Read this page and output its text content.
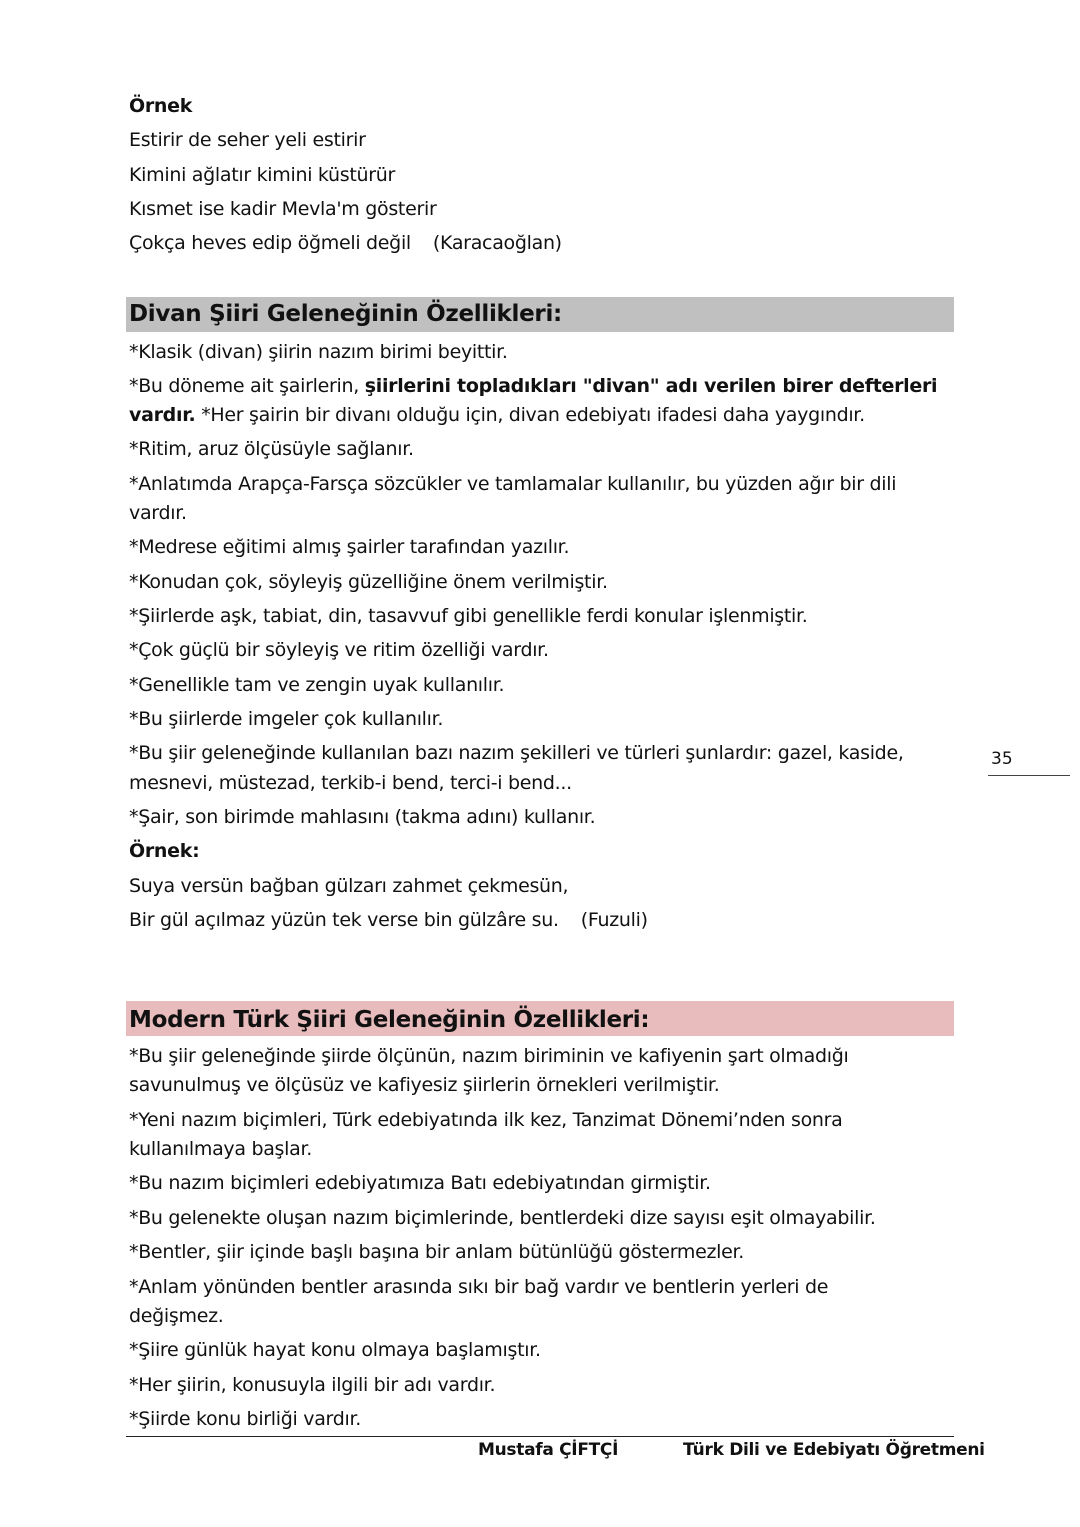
Örnek
Estirir de seher yeli estirir
Kimini ağlatır kimini küstürür
Kısmet ise kadir Mevla'm gösterir
Çokça heves edip öğmeli değil (Karacaoğlan)
Divan Şiiri Geleneğinin Özellikleri:
*Klasik (divan) şiirin nazım birimi beyittir.
*Bu döneme ait şairlerin, şiirlerini topladıkları "divan" adı verilen birer defterleri
vardır. *Her şairin bir divanı olduğu için, divan edebiyatı ifadesi daha yaygındır.
*Ritim, aruz ölçüsüyle sağlanır.
*Anlatımda Arapça-Farsça sözcükler ve tamlamalar kullanılır, bu yüzden ağır bir dili
vardır.
*Medrese eğitimi almış şairler tarafından yazılır.
*Konudan çok, söyleyiş güzelliğine önem verilmiştir.
*Şiirlerde aşk, tabiat, din, tasavvuf gibi genellikle ferdi konular işlenmiştir.
*Çok güçlü bir söyleyiş ve ritim özelliği vardır.
*Genellikle tam ve zengin uyak kullanılır.
*Bu şiirlerde imgeler çok kullanılır.
*Bu şiir geleneğinde kullanılan bazı nazım şekilleri ve türleri şunlardır: gazel, kaside,
mesnevi, müstezad, terkib-i bend, terci-i bend...
*Şair, son birimde mahlasını (takma adını) kullanır.
Örnek:
Suya versün bağban gülzarı zahmet çekmesün,
Bir gül açılmaz yüzün tek verse bin gülzâre su. (Fuzuli)
Modern Türk Şiiri Geleneğinin Özellikleri:
*Bu şiir geleneğinde şiirde ölçünün, nazım biriminin ve kafiyenin şart olmadığı
savunulmuş ve ölçüsüz ve kafiyesiz şiirlerin örnekleri verilmiştir.
*Yeni nazım biçimleri, Türk edebiyatında ilk kez, Tanzimat Dönemi’nden sonra
kullanılmaya başlar.
*Bu nazım biçimleri edebiyatımıza Batı edebiyatından girmiştir.
*Bu gelenekte oluşan nazım biçimlerinde, bentlerdeki dize sayısı eşit olmayabilir.
*Bentler, şiir içinde başlı başına bir anlam bütünlüğü göstermezler.
*Anlam yönünden bentler arasında sıkı bir bağ vardır ve bentlerin yerleri de
değişmez.
*Şiire günlük hayat konu olmaya başlamıştır.
*Her şiirin, konusuyla ilgili bir adı vardır.
*Şiirde konu birliği vardır.
35
Mustafa ÇİFTÇİ	Türk Dili ve Edebiyatı Öğretmeni
